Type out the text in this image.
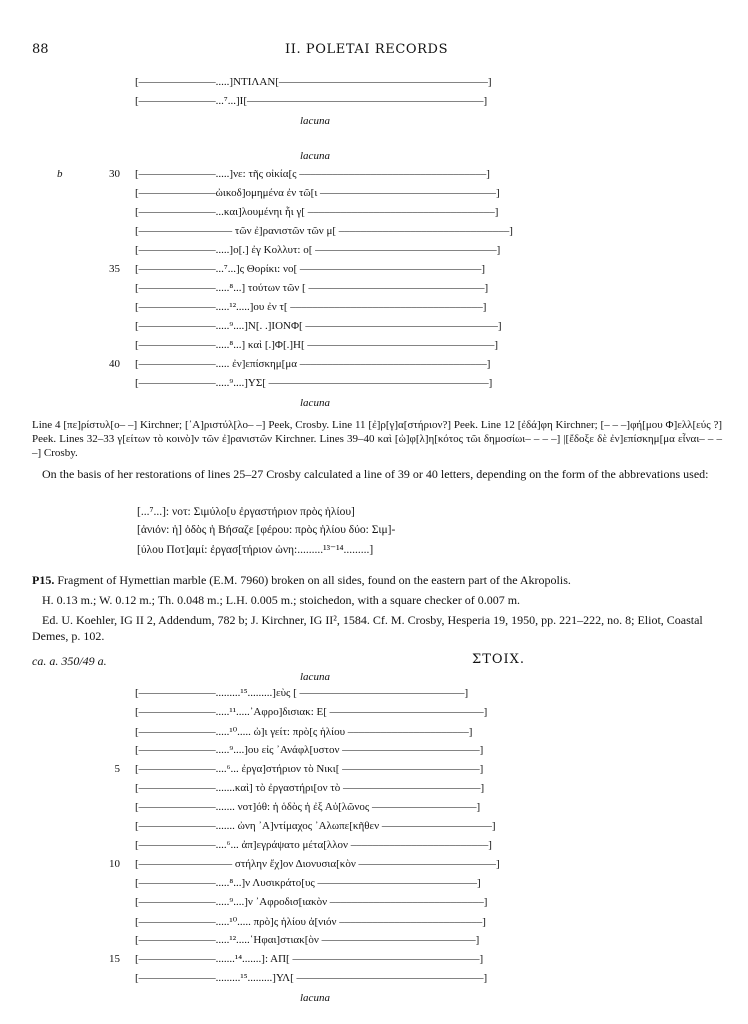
88	II. POLETAI RECORDS
[––––––––––––––.....]ΝΤΙΛΑΝ[––––––––––––––––––––––––––––––––––––––]
[––––––––––––––...⁷...]Ι[–––––––––––––––––––––––––––––––––––––––––––]
lacuna
lacuna
b	30 [––––––––––––––.....]νε: τῆς οἰκία[ς ––––––––––––––––––––––––––––––––––]
[––––––––––––––ὠικοδ]ομημένα ἐν τῶ[ι ––––––––––––––––––––––––––––––––]
[––––––––––––––...και]λουμένηι ἧι γ[ ––––––––––––––––––––––––––––––––––]
[––––––––––––––––– τῶν ἐ]ρανιστῶν τῶν μ[ –––––––––––––––––––––––––––––––]
[––––––––––––––.....]ο[.] ἐγ Κολλυτ: ο[ –––––––––––––––––––––––––––––––––]
35 [––––––––––––––...⁷...]ς Θορίκι: νο[ –––––––––––––––––––––––––––––––––]
[––––––––––––––.....⁸...] τούτων τῶν [ ––––––––––––––––––––––––––––––––]
[––––––––––––––.....¹².....]ου ἐν τ[ –––––––––––––––––––––––––––––––––––]
[––––––––––––––.....⁹....]Ν[. .]ΙΟΝΦ[ –––––––––––––––––––––––––––––––––––]
[––––––––––––––.....⁸...] καὶ [.]Φ[.]Η[ ––––––––––––––––––––––––––––––––––]
40 [––––––––––––––..... ἐν]επίσκημ[μα ––––––––––––––––––––––––––––––––––]
[––––––––––––––.....⁹....]ΥΣ[ ––––––––––––––––––––––––––––––––––––––––]
lacuna
Line 4 [πε]ρίστυλ[ο– –] Kirchner; [᾿Α]ριστύλ[λο– –] Peek, Crosby. Line 11 [ἐ]ρ[γ]α[στήριον?] Peek. Line 12 [ἐδά]φη Kirchner; [– – –]φή[μου Φ]ελλ[εύς ?] Peek. Lines 32–33 γ[είτων τὸ κοινὸ]ν τῶν ἐ]ρανιστῶν Kirchner. Lines 39–40 καὶ [ὠ]φ[λ]η[κότος τῶι δημοσίωι– – – –] |[ἔδοξε δὲ ἐν]επίσκημ[μα εἶναι– – – –] Crosby.
On the basis of her restorations of lines 25–27 Crosby calculated a line of 39 or 40 letters, depending on the form of the abbrevations used:
[...⁷...]: νοτ: Σιμύλο[υ ἐργαστήριον πρὸς ἡλίου]
[ἀνιόν: ἡ] ὁδὸς ἡ Βήσαζε [φέρου: πρὸς ἡλίου δύο: Σιμ]-
[ύλου Ποτ]αμί: ἐργασ[τήριον ὠνη:.........¹³⁻¹⁴.........]
P15. Fragment of Hymettian marble (E.M. 7960) broken on all sides, found on the eastern part of the Akropolis.
H. 0.13 m.; W. 0.12 m.; Th. 0.048 m.; L.H. 0.005 m.; stoichedon, with a square checker of 0.007 m.
Ed. U. Koehler, IG II 2, Addendum, 782 b; J. Kirchner, IG II², 1584. Cf. M. Crosby, Hesperia 19, 1950, pp. 221–222, no. 8; Eliot, Coastal Demes, p. 102.
ca. a. 350/49 a.	ΣΤΟΙΧ.
lacuna
[––––––––––––––.........¹⁵.........]εὺς [ ––––––––––––––––––––––––––––––]
[––––––––––––––.....¹¹.....᾿Αφρο]δισιακ: Ε[ ––––––––––––––––––––––––––––]
[––––––––––––––.....¹⁰..... ὠ]ι γείτ: πρὸ[ς ἡλίου ––––––––––––––––––––––]
[––––––––––––––.....⁹....]ου εἰς ᾿Ανάφλ[υστον –––––––––––––––––––––––––]
5 [––––––––––––––....⁶... ἐργα]στήριον τὸ Νικι[ –––––––––––––––––––––––––]
[––––––––––––––.......καὶ] τὸ ἐργαστήρι[ον τὸ –––––––––––––––––––––––––]
[––––––––––––––....... νοτ]όθ: ἡ ὁδὸς ἡ ἐξ Αὐ[λῶνος –––––––––––––––––––]
[––––––––––––––....... ὠνη ᾿Α]ντίμαχος ᾿Αλωπε[κῆθεν ––––––––––––––––––––]
[––––––––––––––....⁶... ἀπ]εγράψατο μέτα[λλον –––––––––––––––––––––––––]
10 [––––––––––––––––– στήλην ἔχ]ον Διονυσια[κὸν –––––––––––––––––––––––––]
[––––––––––––––.....⁸...]ν Λυσικράτο[υς –––––––––––––––––––––––––––––]
[––––––––––––––.....⁹....]ν ᾿Αφροδισ[ιακὸν ––––––––––––––––––––––––––––]
[––––––––––––––.....¹⁰..... πρὸ]ς ἡλίου ἀ[νιόν ––––––––––––––––––––––––––]
[––––––––––––––.....¹².....῾Ηφαι]στιακ[ὸν ––––––––––––––––––––––––––––]
15 [––––––––––––––.......¹⁴.......]: ΑΠ[ ––––––––––––––––––––––––––––––––––]
[––––––––––––––.........¹⁵.........]ΥΛ[ ––––––––––––––––––––––––––––––––––]
lacuna
